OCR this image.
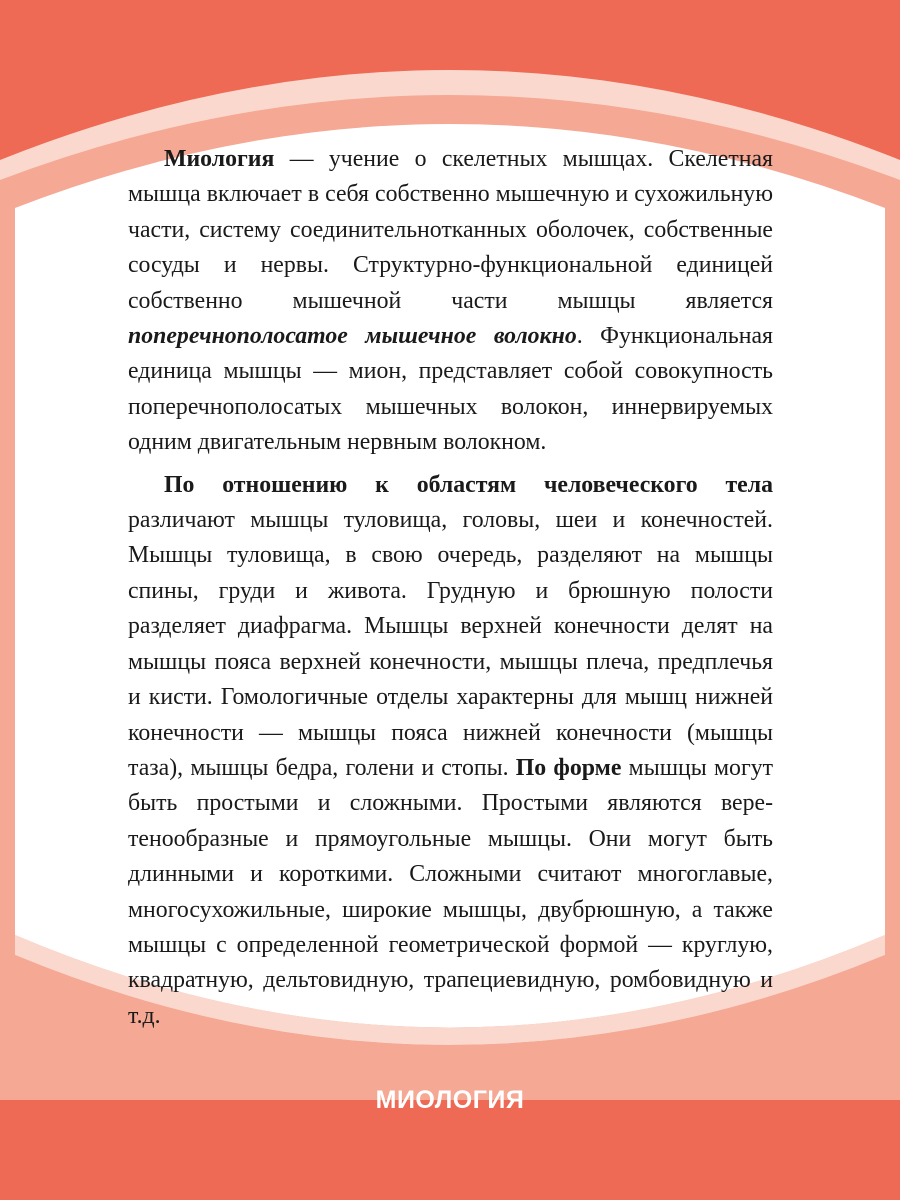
Миология — учение о скелетных мышцах. Скелетная мышца включает в себя собственно мышечную и сухожильную части, систему соединительнотканных оболочек, собственные сосуды и нервы. Структурно-функциональной единицей собственно мышечной части мышцы является поперечнополосатое мышечное волокно. Функциональная единица мышцы — мион, представляет собой совокупность поперечнополосатых мышечных волокон, иннервируемых одним двигательным нервным волокном.

По отношению к областям человеческого тела различают мышцы туловища, головы, шеи и конечностей. Мышцы туловища, в свою очередь, разделяют на мышцы спины, груди и живота. Грудную и брюшную полости разделяет диафрагма. Мышцы верхней конечности делят на мышцы пояса верхней конечности, мышцы плеча, предплечья и кисти. Гомологичные отделы характерны для мышц нижней конечности — мышцы пояса нижней конечности (мышцы таза), мышцы бедра, голени и стопы. По форме мышцы могут быть простыми и сложными. Простыми являются веретенообразные и прямоугольные мышцы. Они могут быть длинными и короткими. Сложными считают многоглавые, многосухожильные, широкие мышцы, двубрюшную, а также мышцы с определенной геометрической формой — круглую, квадратную, дельтовидную, трапециевидную, ромбовидную и т.д.

МИОЛОГИЯ
